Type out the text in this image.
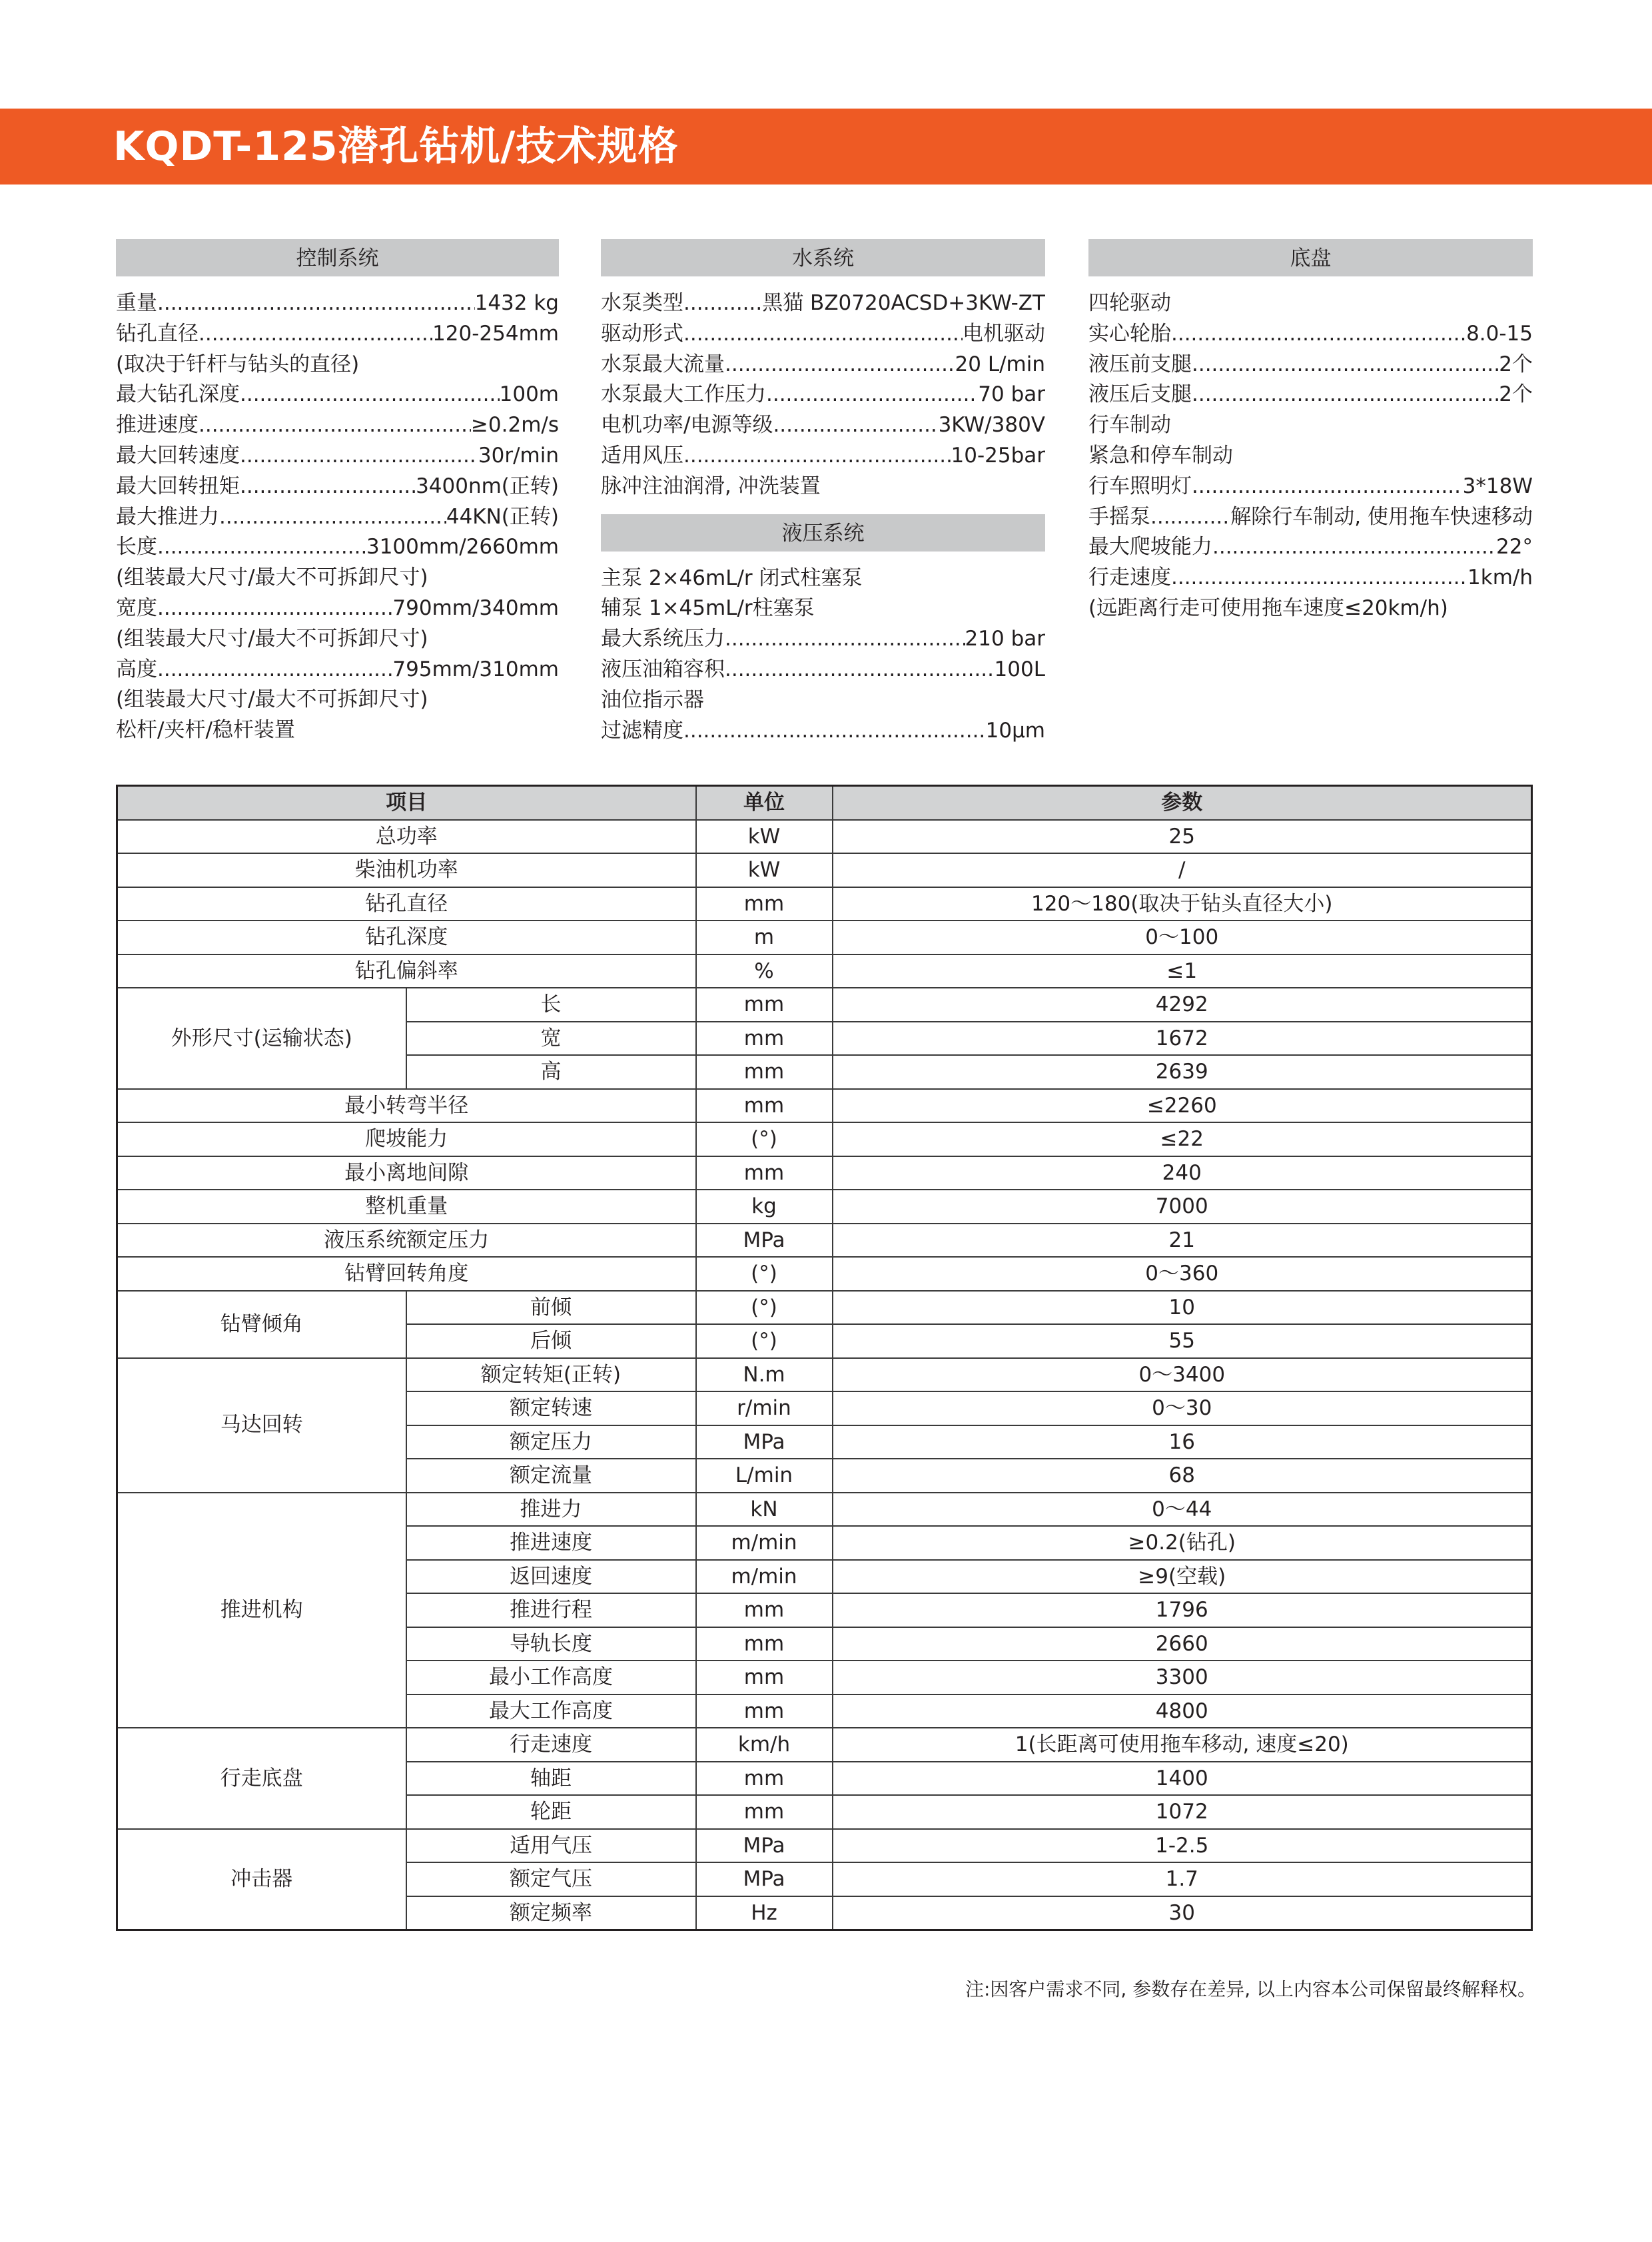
KQDT-125潜孔钻机/技术规格
控制系统
重量 .....	1432 kg
钻孔直径 .....	120-254mm
(取决于钎杆与钻头的直径)
最大钻孔深度 .....	100m
推进速度 .....	≥0.2m/s
最大回转速度 .....	30r/min
最大回转扭矩 .....	3400nm(正转)
最大推进力 .....	44KN(正转)
长度 .....	3100mm/2660mm
(组装最大尺寸/最大不可拆卸尺寸)
宽度 .....	790mm/340mm
(组装最大尺寸/最大不可拆卸尺寸)
高度 .....	795mm/310mm
(组装最大尺寸/最大不可拆卸尺寸)
松杆/夹杆/稳杆装置
水系统
水泵类型 .....	黑猫 BZ0720ACSD+3KW-ZT
驱动形式 .....	电机驱动
水泵最大流量 .....	20 L/min
水泵最大工作压力 .....	70 bar
电机功率/电源等级 .....	3KW/380V
适用风压 .....	10-25bar
脉冲注油润滑, 冲洗装置
液压系统
主泵 2×46mL/r 闭式柱塞泵
辅泵 1×45mL/r柱塞泵
最大系统压力 .....	210 bar
液压油箱容积 .....	100L
油位指示器
过滤精度 .....	10μm
底盘
四轮驱动
实心轮胎 .....	8.0-15
液压前支腿 .....	2个
液压后支腿 .....	2个
行车制动
紧急和停车制动
行车照明灯 .....	3*18W
手摇泵 .....	解除行车制动, 使用拖车快速移动
最大爬坡能力 .....	22°
行走速度 .....	1km/h
(远距离行走可使用拖车速度≤20km/h)
项目		单位	参数
总功率		kW	25
柴油机功率		kW	/
钻孔直径		mm	120～180(取决于钻头直径大小)
钻孔深度		m	0～100
钻孔偏斜率		%	≤1
外形尺寸(运输状态)	长	mm	4292
	宽	mm	1672
	高	mm	2639
最小转弯半径		mm	≤2260
爬坡能力		(°)	≤22
最小离地间隙		mm	240
整机重量		kg	7000
液压系统额定压力		MPa	21
钻臂回转角度		(°)	0～360
钻臂倾角	前倾	(°)	10
	后倾	(°)	55
马达回转	额定转矩(正转)	N.m	0～3400
	额定转速	r/min	0～30
	额定压力	MPa	16
	额定流量	L/min	68
推进机构	推进力	kN	0～44
	推进速度	m/min	≥0.2(钻孔)
	返回速度	m/min	≥9(空载)
	推进行程	mm	1796
	导轨长度	mm	2660
	最小工作高度	mm	3300
	最大工作高度	mm	4800
行走底盘	行走速度	km/h	1(长距离可使用拖车移动, 速度≤20)
	轴距	mm	1400
	轮距	mm	1072
冲击器	适用气压	MPa	1-2.5
	额定气压	MPa	1.7
	额定频率	Hz	30
注:因客户需求不同, 参数存在差异, 以上内容本公司保留最终解释权。
